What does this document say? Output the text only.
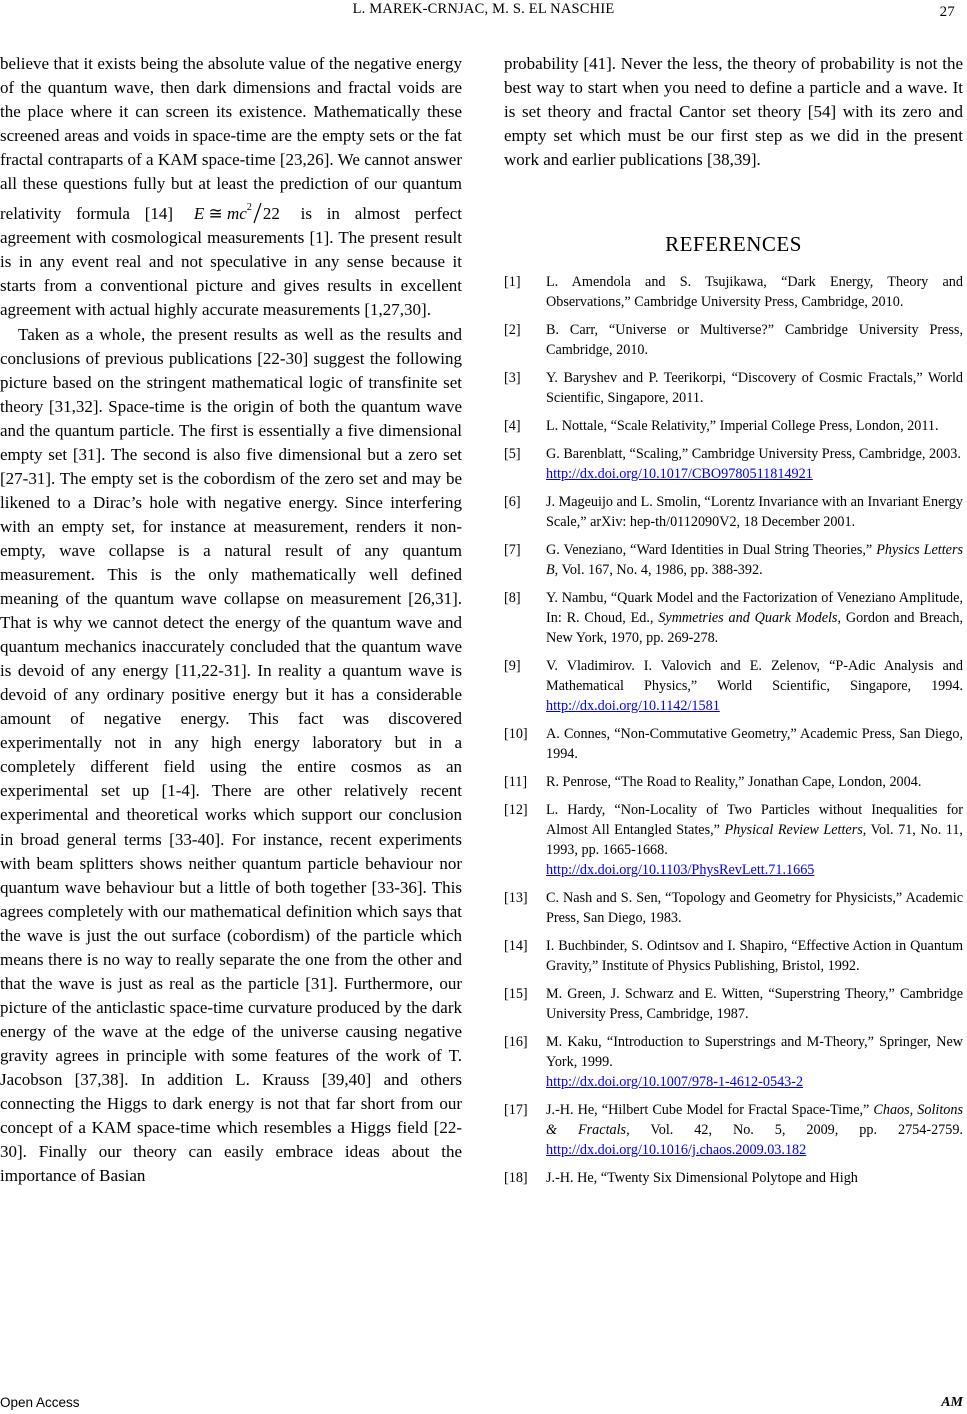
L. MAREK-CRNJAC, M. S. EL NASCHIE	27

believe that it exists being the absolute value of the negative energy of the quantum wave, then dark dimensions and fractal voids are the place where it can screen its existence. Mathematically these screened areas and voids in space-time are the empty sets or the fat fractal contraparts of a KAM space-time [23,26]. We cannot answer all these questions fully but at least the prediction of our quantum relativity formula [14] E ≅ $mc^2$ 22 is in almost perfect agreement with cosmological measurements [1]. The present result is in any event real and not speculative in any sense because it starts from a conventional picture and gives results in excellent agreement with actual highly accurate measurements [1,27,30].

Taken as a whole, the present results as well as the results and conclusions of previous publications [22-30] suggest the following picture based on the stringent mathematical logic of transfinite set theory [31,32]. Space-time is the origin of both the quantum wave and the quantum particle. The first is essentially a five dimensional empty set [31]. The second is also five dimensional but a zero set [27-31]. The empty set is the cobordism of the zero set and may be likened to a Dirac’s hole with negative energy. Since interfering with an empty set, for instance at measurement, renders it non-empty, wave collapse is a natural result of any quantum measurement. This is the only mathematically well defined meaning of the quantum wave collapse on measurement [26,31]. That is why we cannot detect the energy of the quantum wave and quantum mechanics inaccurately concluded that the quantum wave is devoid of any energy [11,22-31]. In reality a quantum wave is devoid of any ordinary positive energy but it has a considerable amount of negative energy. This fact was discovered experimentally not in any high energy laboratory but in a completely different field using the entire cosmos as an experimental set up [1-4]. There are other relatively recent experimental and theoretical works which support our conclusion in broad general terms [33-40]. For instance, recent experiments with beam splitters shows neither quantum particle behaviour nor quantum wave behaviour but a little of both together [33-36]. This agrees completely with our mathematical definition which says that the wave is just the out surface (cobordism) of the particle which means there is no way to really separate the one from the other and that the wave is just as real as the particle [31]. Furthermore, our picture of the anticlastic space-time curvature produced by the dark energy of the wave at the edge of the universe causing negative gravity agrees in principle with some features of the work of T. Jacobson [37,38]. In addition L. Krauss [39,40] and others connecting the Higgs to dark energy is not that far short from our concept of a KAM space-time which resembles a Higgs field [22-30]. Finally our theory can easily embrace ideas about the importance of Basian

probability [41]. Never the less, the theory of probability is not the best way to start when you need to define a particle and a wave. It is set theory and fractal Cantor set theory [54] with its zero and empty set which must be our first step as we did in the present work and earlier publications [38,39].

REFERENCES
[1] L. Amendola and S. Tsujikawa, “Dark Energy, Theory and Observations,” Cambridge University Press, Cambridge, 2010.
[2] B. Carr, “Universe or Multiverse?” Cambridge University Press, Cambridge, 2010.
[3] Y. Baryshev and P. Teerikorpi, “Discovery of Cosmic Fractals,” World Scientific, Singapore, 2011.
[4] L. Nottale, “Scale Relativity,” Imperial College Press, London, 2011.
[5] G. Barenblatt, “Scaling,” Cambridge University Press, Cambridge, 2003.
http://dx.doi.org/10.1017/CBO9780511814921
[6] J. Mageuijo and L. Smolin, “Lorentz Invariance with an Invariant Energy Scale,” arXiv: hep-th/0112090V2, 18 December 2001.
[7] G. Veneziano, “Ward Identities in Dual String Theories,” Physics Letters B, Vol. 167, No. 4, 1986, pp. 388-392.
[8] Y. Nambu, “Quark Model and the Factorization of Veneziano Amplitude, In: R. Choud, Ed., Symmetries and Quark Models, Gordon and Breach, New York, 1970, pp. 269-278.
[9] V. Vladimirov. I. Valovich and E. Zelenov, “P-Adic Analysis and Mathematical Physics,” World Scientific, Singapore, 1994. http://dx.doi.org/10.1142/1581
[10] A. Connes, “Non-Commutative Geometry,” Academic Press, San Diego, 1994.
[11] R. Penrose, “The Road to Reality,” Jonathan Cape, London, 2004.
[12] L. Hardy, “Non-Locality of Two Particles without Inequalities for Almost All Entangled States,” Physical Review Letters, Vol. 71, No. 11, 1993, pp. 1665-1668.
http://dx.doi.org/10.1103/PhysRevLett.71.1665
[13] C. Nash and S. Sen, “Topology and Geometry for Physicists,” Academic Press, San Diego, 1983.
[14] I. Buchbinder, S. Odintsov and I. Shapiro, “Effective Action in Quantum Gravity,” Institute of Physics Publishing, Bristol, 1992.
[15] M. Green, J. Schwarz and E. Witten, “Superstring Theory,” Cambridge University Press, Cambridge, 1987.
[16] M. Kaku, “Introduction to Superstrings and M-Theory,” Springer, New York, 1999.
http://dx.doi.org/10.1007/978-1-4612-0543-2
[17] J.-H. He, “Hilbert Cube Model for Fractal Space-Time,” Chaos, Solitons & Fractals, Vol. 42, No. 5, 2009, pp. 2754-2759. http://dx.doi.org/10.1016/j.chaos.2009.03.182
[18] J.-H. He, “Twenty Six Dimensional Polytope and High
Open Access	AM
